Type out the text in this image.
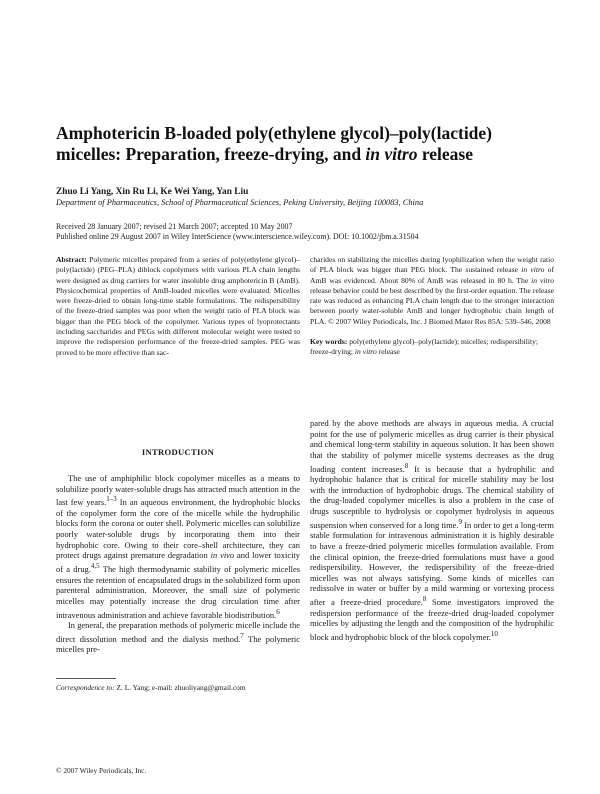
Amphotericin B-loaded poly(ethylene glycol)–poly(lactide)
micelles: Preparation, freeze-drying, and in vitro release
Zhuo Li Yang, Xin Ru Li, Ke Wei Yang, Yan Liu
Department of Pharmaceutics, School of Pharmaceutical Sciences, Peking University, Beijing 100083, China
Received 28 January 2007; revised 21 March 2007; accepted 10 May 2007
Published online 29 August 2007 in Wiley InterScience (www.interscience.wiley.com). DOI: 10.1002/jbm.a.31504
Abstract: Polymeric micelles prepared from a series of poly(ethylene glycol)–poly(lactide) (PEG–PLA) diblock copolymers with various PLA chain lengths were designed as drug carriers for water insoluble drug amphotericin B (AmB). Physicochemical properties of AmB-loaded micelles were evaluated. Micelles were freeze-dried to obtain long-time stable formulations. The redispersibility of the freeze-dried samples was poor when the weight ratio of PLA block was bigger than the PEG block of the copolymer. Various types of lyoprotectants including saccharides and PEGs with different molecular weight were tested to improve the redispersion performance of the freeze-dried samples. PEG was proved to be more effective than sac-
charides on stabilizing the micelles during lyophilization when the weight ratio of PLA block was bigger than PEG block. The sustained release in vitro of AmB was evidenced. About 80% of AmB was released in 80 h. The in vitro release behavior could be best described by the first-order equation. The release rate was reduced as enhancing PLA chain length due to the stronger interaction between poorly water-soluble AmB and longer hydrophobic chain length of PLA. © 2007 Wiley Periodicals, Inc. J Biomed Mater Res 85A: 539–546, 2008
Key words: poly(ethylene glycol)–poly(lactide); micelles; redispersibility; freeze-drying; in vitro release
INTRODUCTION

The use of amphiphilic block copolymer micelles as a means to solubilize poorly water-soluble drugs has attracted much attention in the last few years.$^{1-3}$ In an aqueous environment, the hydrophobic blocks of the copolymer form the core of the micelle while the hydrophilic blocks form the corona or outer shell. Polymeric micelles can solubilize poorly water-soluble drugs by incorporating them into their hydrophobic core. Owing to their core–shell architecture, they can protect drugs against premature degradation in vivo and lower toxicity of a drug.$^{4,5}$ The high thermodynamic stability of polymeric micelles ensures the retention of encapsulated drugs in the solubilized form upon parenteral administration. Moreover, the small size of polymeric micelles may potentially increase the drug circulation time after intravenous administration and achieve favorable biodistribution.$^6$

In general, the preparation methods of polymeric micelle include the direct dissolution method and the dialysis method.$^7$ The polymeric micelles pre-

pared by the above methods are always in aqueous media. A crucial point for the use of polymeric micelles as drug carrier is their physical and chemical long-term stability in aqueous solution. It has been shown that the stability of polymer micelle systems decreases as the drug loading content increases.$^8$ It is because that a hydrophilic and hydrophobic balance that is critical for micelle stability may be lost with the introduction of hydrophobic drugs. The chemical stability of the drug-loaded copolymer micelles is also a problem in the case of drugs susceptible to hydrolysis or copolymer hydrolysis in aqueous suspension when conserved for a long time.$^9$ In order to get a long-term stable formulation for intravenous administration it is highly desirable to have a freeze-dried polymeric micelles formulation available. From the clinical opinion, the freeze-dried formulations must have a good redispersibility. However, the redispersibility of the freeze-dried micelles was not always satisfying. Some kinds of micelles can redissolve in water or buffer by a mild warming or vortexing process after a freeze-dried procedure.$^8$ Some investigators improved the redispersion performance of the freeze-dried drug-loaded copolymer micelles by adjusting the length and the composition of the hydrophilic block and hydrophobic block of the block copolymer.$^{10}$

Correspondence to: Z. L. Yang; e-mail: zhuoliyang@gmail.com
© 2007 Wiley Periodicals, Inc.
